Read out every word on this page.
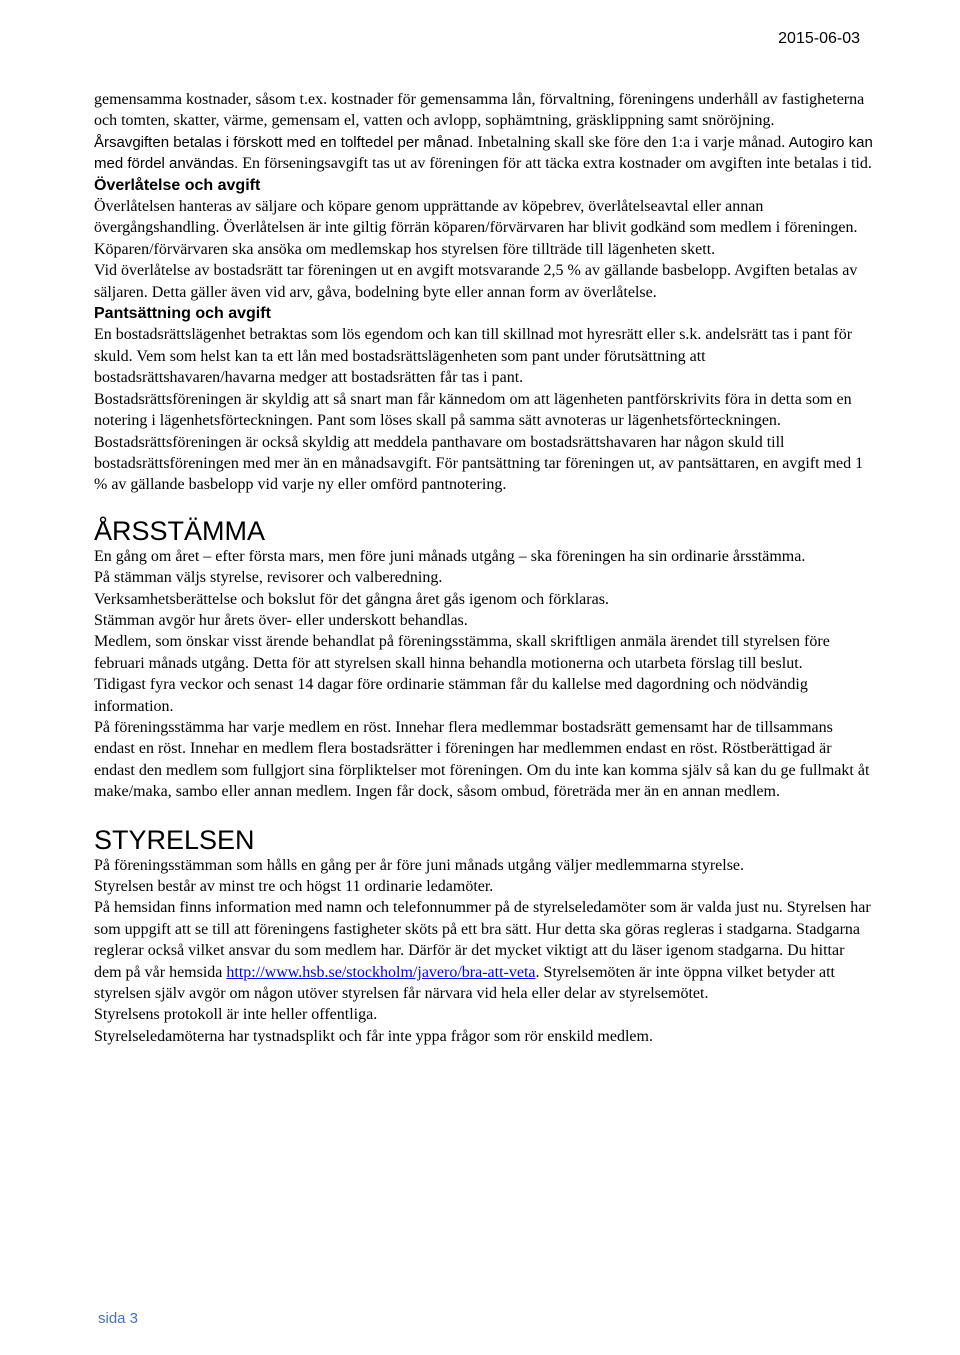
2015-06-03

gemensamma kostnader, såsom t.ex. kostnader för gemensamma lån, förvaltning, föreningens underhåll av fastigheterna och tomten, skatter, värme, gemensam el, vatten och avlopp, sophämtning, gräsklippning samt snöröjning.

Årsavgiften betalas i förskott med en tolftedel per månad. Inbetalning skall ske före den 1:a i varje månad. Autogiro kan med fördel användas. En förseningsavgift tas ut av föreningen för att täcka extra kostnader om avgiften inte betalas i tid.

Överlåtelse och avgift

Överlåtelsen hanteras av säljare och köpare genom upprättande av köpebrev, överlåtelseavtal eller annan övergångshandling. Överlåtelsen är inte giltig förrän köparen/förvärvaren har blivit godkänd som medlem i föreningen. Köparen/förvärvaren ska ansöka om medlemskap hos styrelsen före tillträde till lägenheten skett.

Vid överlåtelse av bostadsrätt tar föreningen ut en avgift motsvarande 2,5 % av gällande basbelopp. Avgiften betalas av säljaren. Detta gäller även vid arv, gåva, bodelning byte eller annan form av överlåtelse.

Pantsättning och avgift

En bostadsrättslägenhet betraktas som lös egendom och kan till skillnad mot hyresrätt eller s.k. andelsrätt tas i pant för skuld. Vem som helst kan ta ett lån med bostadsrättslägenheten som pant under förutsättning att bostadsrättshavaren/havarna medger att bostadsrätten får tas i pant.

Bostadsrättsföreningen är skyldig att så snart man får kännedom om att lägenheten pantförskrivits föra in detta som en notering i lägenhetsförteckningen. Pant som löses skall på samma sätt avnoteras ur lägenhetsförteckningen. Bostadsrättsföreningen är också skyldig att meddela panthavare om bostadsrättshavaren har någon skuld till bostadsrättsföreningen med mer än en månadsavgift. För pantsättning tar föreningen ut, av pantsättaren, en avgift med 1 % av gällande basbelopp vid varje ny eller omförd pantnotering.

ÅRSSTÄMMA

En gång om året – efter första mars, men före juni månads utgång – ska föreningen ha sin ordinarie årsstämma.

På stämman väljs styrelse, revisorer och valberedning.

Verksamhetsberättelse och bokslut för det gångna året gås igenom och förklaras.

Stämman avgör hur årets över- eller underskott behandlas.

Medlem, som önskar visst ärende behandlat på föreningsstämma, skall skriftligen anmäla ärendet till styrelsen före februari månads utgång. Detta för att styrelsen skall hinna behandla motionerna och utarbeta förslag till beslut.

Tidigast fyra veckor och senast 14 dagar före ordinarie stämman får du kallelse med dagordning och nödvändig information.

På föreningsstämma har varje medlem en röst. Innehar flera medlemmar bostadsrätt gemensamt har de tillsammans endast en röst. Innehar en medlem flera bostadsrätter i föreningen har medlemmen endast en röst. Röstberättigad är endast den medlem som fullgjort sina förpliktelser mot föreningen. Om du inte kan komma själv så kan du ge fullmakt åt make/maka, sambo eller annan medlem. Ingen får dock, såsom ombud, företräda mer än en annan medlem.

STYRELSEN

På föreningsstämman som hålls en gång per år före juni månads utgång väljer medlemmarna styrelse.

Styrelsen består av minst tre och högst 11 ordinarie ledamöter.

På hemsidan finns information med namn och telefonnummer på de styrelseledamöter som är valda just nu. Styrelsen har som uppgift att se till att föreningens fastigheter sköts på ett bra sätt. Hur detta ska göras regleras i stadgarna. Stadgarna reglerar också vilket ansvar du som medlem har. Därför är det mycket viktigt att du läser igenom stadgarna. Du hittar dem på vår hemsida http://www.hsb.se/stockholm/javero/bra-att-veta. Styrelsemöten är inte öppna vilket betyder att styrelsen själv avgör om någon utöver styrelsen får närvara vid hela eller delar av styrelsemötet.

Styrelsens protokoll är inte heller offentliga.

Styrelseledamöterna har tystnadsplikt och får inte yppa frågor som rör enskild medlem.

sida 3
